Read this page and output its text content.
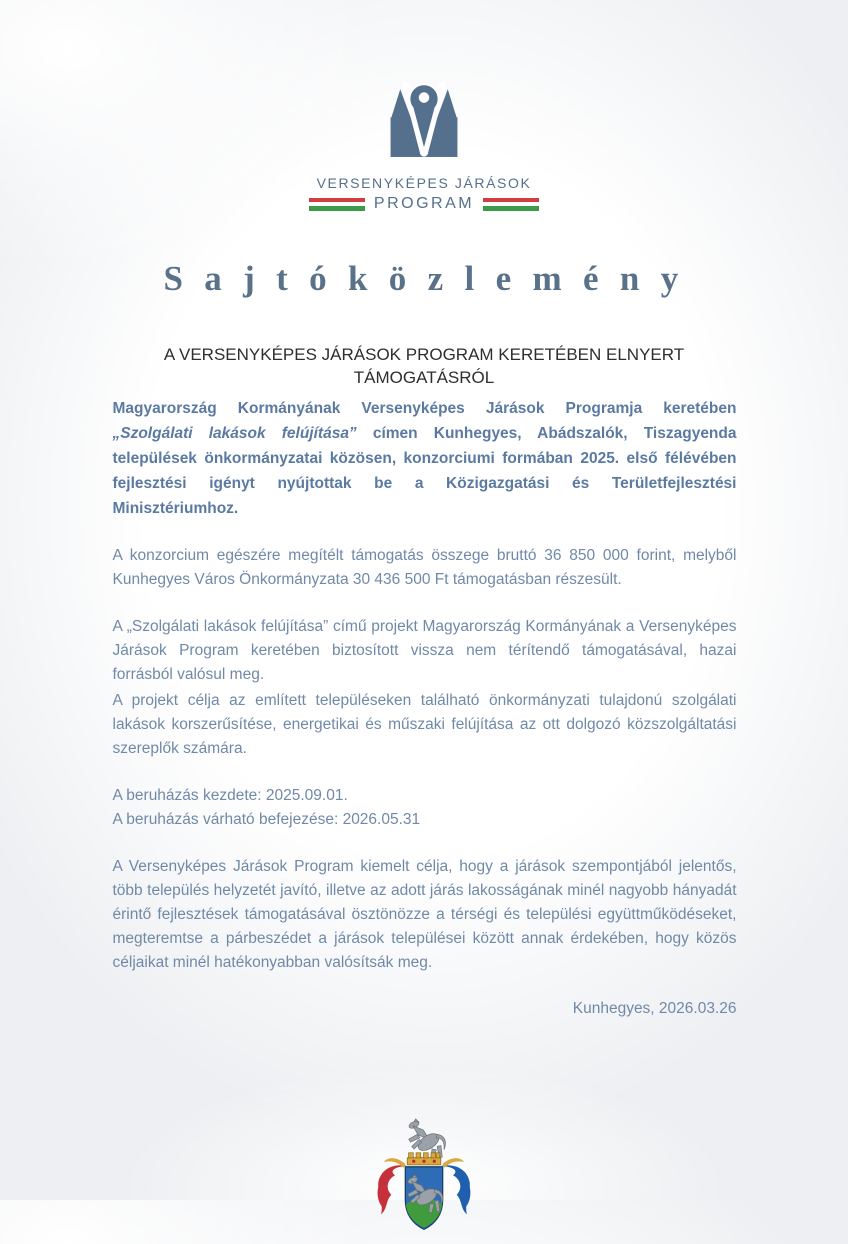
VERSENYKÉPES JÁRÁSOK
PROGRAM
S a j t ó k ö z l e m é n y
A VERSENYKÉPES JÁRÁSOK PROGRAM KERETÉBEN ELNYERT TÁMOGATÁSRÓL

Magyarország Kormányának Versenyképes Járások Programja keretében „Szolgálati lakások felújítása” címen Kunhegyes, Abádszalók, Tiszagyenda települések önkormányzatai közösen, konzorciumi formában 2025. első félévében fejlesztési igényt nyújtottak be a Közigazgatási és Területfejlesztési Minisztériumhoz.

A konzorcium egészére megítélt támogatás összege bruttó 36 850 000 forint, melyből Kunhegyes Város Önkormányzata 30 436 500 Ft támogatásban részesült.

A „Szolgálati lakások felújítása” című projekt Magyarország Kormányának a Versenyképes Járások Program keretében biztosított vissza nem térítendő támogatásával, hazai forrásból valósul meg.

A projekt célja az említett településeken található önkormányzati tulajdonú szolgálati lakások korszerűsítése, energetikai és műszaki felújítása az ott dolgozó közszolgáltatási szereplők számára.

A beruházás kezdete: 2025.09.01.

A beruházás várható befejezése: 2026.05.31

A Versenyképes Járások Program kiemelt célja, hogy a járások szempontjából jelentős, több település helyzetét javító, illetve az adott járás lakosságának minél nagyobb hányadát érintő fejlesztések támogatásával ösztönözze a térségi és települési együttműködéseket, megteremtse a párbeszédet a járások települései között annak érdekében, hogy közös céljaikat minél hatékonyabban valósítsák meg.

Kunhegyes, 2026.03.26
